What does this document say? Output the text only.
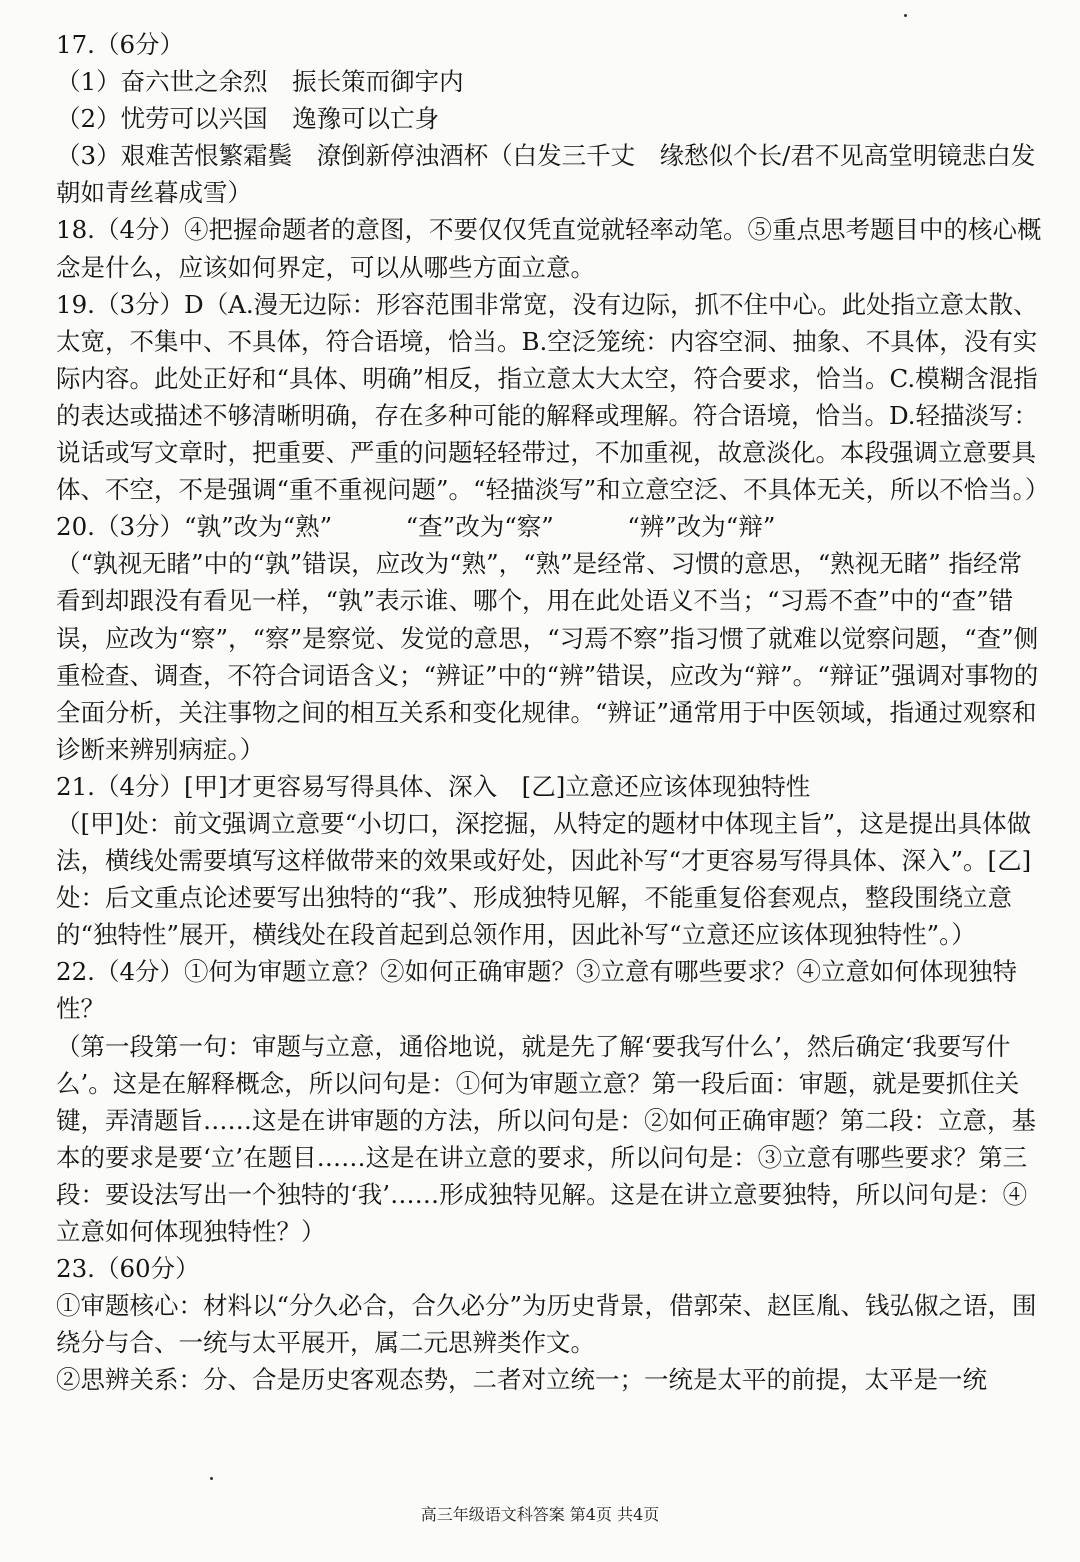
17.（6分）

（1）奋六世之余烈　振长策而御宇内

（2）忧劳可以兴国　逸豫可以亡身

（3）艰难苦恨繁霜鬓　潦倒新停浊酒杯（白发三千丈　缘愁似个长/君不见高堂明镜悲白发　朝如青丝暮成雪）

18.（4分）④把握命题者的意图，不要仅仅凭直觉就轻率动笔。⑤重点思考题目中的核心概念是什么，应该如何界定，可以从哪些方面立意。

19.（3分）D（A.漫无边际：形容范围非常宽，没有边际，抓不住中心。此处指立意太散、太宽，不集中、不具体，符合语境，恰当。B.空泛笼统：内容空洞、抽象、不具体，没有实际内容。此处正好和“具体、明确”相反，指立意太大太空，符合要求，恰当。C.模糊含混指的表达或描述不够清晰明确，存在多种可能的解释或理解。符合语境，恰当。D.轻描淡写：说话或写文章时，把重要、严重的问题轻轻带过，不加重视，故意淡化。本段强调立意要具体、不空，不是强调“重不重视问题”。“轻描淡写”和立意空泛、不具体无关，所以不恰当。）

20.（3分）“孰”改为“熟”　　　“查”改为“察”　　　“辨”改为“辩”

（“孰视无睹”中的“孰”错误，应改为“熟”，“熟”是经常、习惯的意思，“熟视无睹” 指经常看到却跟没有看见一样，“孰”表示谁、哪个，用在此处语义不当；“习焉不查”中的“查”错误，应改为“察”，“察”是察觉、发觉的意思，“习焉不察”指习惯了就难以觉察问题，“查”侧重检查、调查，不符合词语含义；“辨证”中的“辨”错误，应改为“辩”。“辩证”强调对事物的全面分析，关注事物之间的相互关系和变化规律。“辨证”通常用于中医领域，指通过观察和诊断来辨别病症。）

21.（4分）[甲]才更容易写得具体、深入　[乙]立意还应该体现独特性

（[甲]处：前文强调立意要“小切口，深挖掘，从特定的题材中体现主旨”，这是提出具体做法，横线处需要填写这样做带来的效果或好处，因此补写“才更容易写得具体、深入”。[乙]处：后文重点论述要写出独特的“我”、形成独特见解，不能重复俗套观点，整段围绕立意的“独特性”展开，横线处在段首起到总领作用，因此补写“立意还应该体现独特性”。）

22.（4分）①何为审题立意？②如何正确审题？③立意有哪些要求？④立意如何体现独特性？

（第一段第一句：审题与立意，通俗地说，就是先了解‘要我写什么’，然后确定‘我要写什么’。这是在解释概念，所以问句是：①何为审题立意？第一段后面：审题，就是要抓住关键，弄清题旨……这是在讲审题的方法，所以问句是：②如何正确审题？第二段：立意，基本的要求是要‘立’在题目……这是在讲立意的要求，所以问句是：③立意有哪些要求？第三段：要设法写出一个独特的‘我’……形成独特见解。这是在讲立意要独特，所以问句是：④立意如何体现独特性？）

23.（60分）

①审题核心：材料以“分久必合，合久必分”为历史背景，借郭荣、赵匡胤、钱弘俶之语，围绕分与合、一统与太平展开，属二元思辨类作文。

②思辨关系：分、合是历史客观态势，二者对立统一；一统是太平的前提，太平是一统

高三年级语文科答案 第4页 共4页
